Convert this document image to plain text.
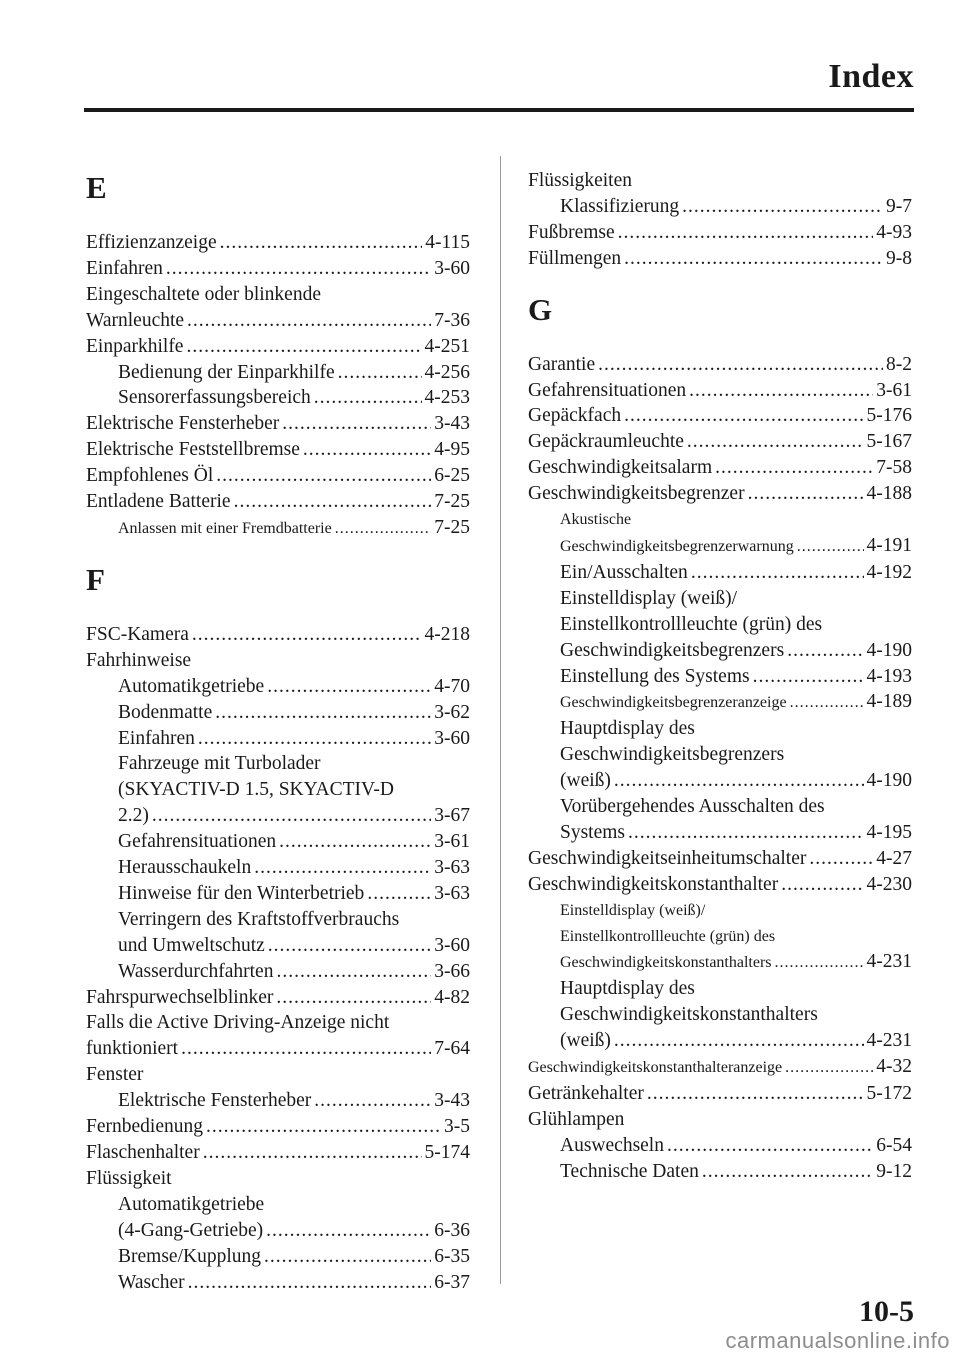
Index
E
Effizienzanzeige .....	4-115
Einfahren .....	3-60
Eingeschaltete oder blinkende
Warnleuchte .....	7-36
Einparkhilfe .....	4-251
Bedienung der Einparkhilfe .....	4-256
Sensorerfassungsbereich .....	4-253
Elektrische Fensterheber .....	3-43
Elektrische Feststellbremse .....	4-95
Empfohlenes Öl .....	6-25
Entladene Batterie .....	7-25
Anlassen mit einer Fremdbatterie .....	7-25
F
FSC-Kamera .....	4-218
Fahrhinweise
Automatikgetriebe .....	4-70
Bodenmatte .....	3-62
Einfahren .....	3-60
Fahrzeuge mit Turbolader
(SKYACTIV-D 1.5, SKYACTIV-D
2.2) .....	3-67
Gefahrensituationen .....	3-61
Herausschaukeln .....	3-63
Hinweise für den Winterbetrieb .....	3-63
Verringern des Kraftstoffverbrauchs
und Umweltschutz .....	3-60
Wasserdurchfahrten .....	3-66
Fahrspurwechselblinker .....	4-82
Falls die Active Driving-Anzeige nicht
funktioniert .....	7-64
Fenster
Elektrische Fensterheber .....	3-43
Fernbedienung .....	3-5
Flaschenhalter .....	5-174
Flüssigkeit
Automatikgetriebe
(4-Gang-Getriebe) .....	6-36
Bremse/Kupplung .....	6-35
Wascher .....	6-37
Flüssigkeiten
Klassifizierung .....	9-7
Fußbremse .....	4-93
Füllmengen .....	9-8
G
Garantie .....	8-2
Gefahrensituationen .....	3-61
Gepäckfach .....	5-176
Gepäckraumleuchte .....	5-167
Geschwindigkeitsalarm .....	7-58
Geschwindigkeitsbegrenzer .....	4-188
Akustische
Geschwindigkeitsbegrenzerwarnung .....	4-191
Ein/Ausschalten .....	4-192
Einstelldisplay (weiß)/
Einstellkontrollleuchte (grün) des
Geschwindigkeitsbegrenzers .....	4-190
Einstellung des Systems .....	4-193
Geschwindigkeitsbegrenzeranzeige .....	4-189
Hauptdisplay des
Geschwindigkeitsbegrenzers
(weiß) .....	4-190
Vorübergehendes Ausschalten des
Systems .....	4-195
Geschwindigkeitseinheitumschalter .....	4-27
Geschwindigkeitskonstanthalter .....	4-230
Einstelldisplay (weiß)/
Einstellkontrollleuchte (grün) des
Geschwindigkeitskonstanthalters .....	4-231
Hauptdisplay des
Geschwindigkeitskonstanthalters
(weiß) .....	4-231
Geschwindigkeitskonstanthalteranzeige .....	4-32
Getränkehalter .....	5-172
Glühlampen
Auswechseln .....	6-54
Technische Daten .....	9-12
10-5
carmanualsonline.info
